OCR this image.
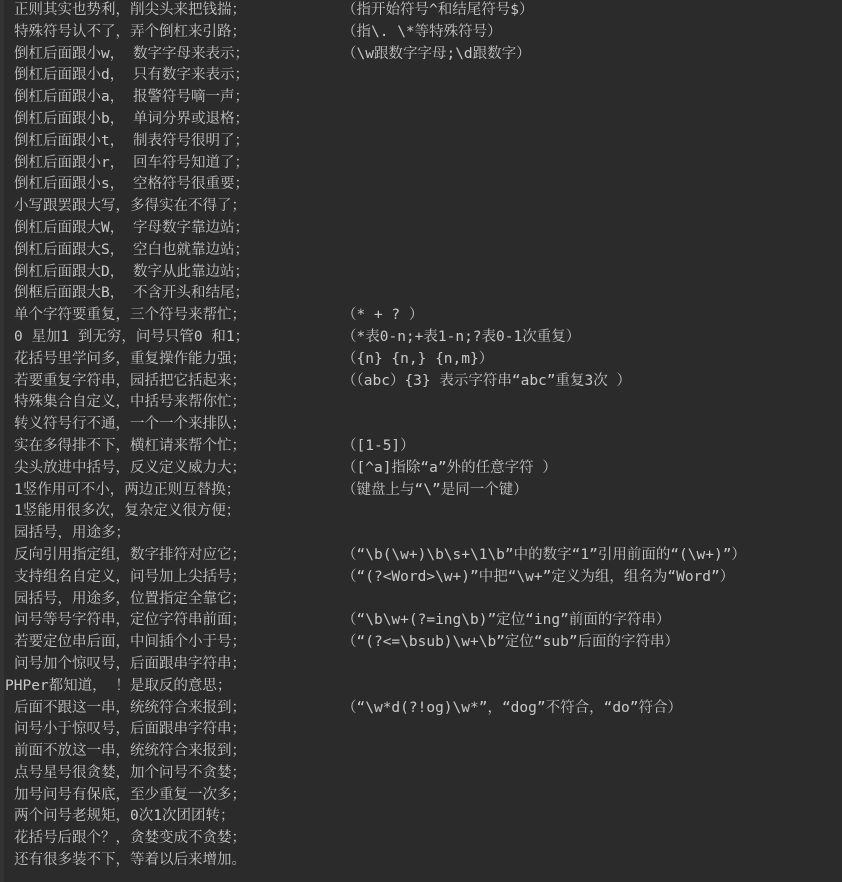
正则其实也势利，削尖头来把钱揣；	（指开始符号^和结尾符号$）
特殊符号认不了，弄个倒杠来引路；	（指\. \*等特殊符号）
倒杠后面跟小w， 数字字母来表示；	（\w跟数字字母;\d跟数字）
倒杠后面跟小d， 只有数字来表示；
倒杠后面跟小a， 报警符号嘀一声；
倒杠后面跟小b， 单词分界或退格；
倒杠后面跟小t， 制表符号很明了；
倒杠后面跟小r， 回车符号知道了；
倒杠后面跟小s， 空格符号很重要；
小写跟罢跟大写，多得实在不得了；
倒杠后面跟大W， 字母数字靠边站；
倒杠后面跟大S， 空白也就靠边站；
倒杠后面跟大D， 数字从此靠边站；
倒框后面跟大B， 不含开头和结尾；
单个字符要重复，三个符号来帮忙；	（* + ? ）
0 星加1 到无穷，问号只管0 和1；	（*表0-n;+表1-n;?表0-1次重复）
花括号里学问多，重复操作能力强；	（{n} {n,} {n,m}）
若要重复字符串，园括把它括起来；	（（abc）{3} 表示字符串“abc”重复3次 ）
特殊集合自定义，中括号来帮你忙；
转义符号行不通，一个一个来排队；
实在多得排不下，横杠请来帮个忙；	（[1-5]）
尖头放进中括号，反义定义威力大；	（[^a]指除“a”外的任意字符 ）
1竖作用可不小，两边正则互替换；	（键盘上与“\”是同一个键）
1竖能用很多次，复杂定义很方便；
园括号，用途多；
反向引用指定组，数字排符对应它；	（“\b(\w+)\b\s+\1\b”中的数字“1”引用前面的“(\w+)”）
支持组名自定义，问号加上尖括号；	（“(?<Word>\w+)”中把“\w+”定义为组，组名为“Word”）
园括号，用途多，位置指定全靠它；
问号等号字符串，定位字符串前面；	（“\b\w+(?=ing\b)”定位“ing”前面的字符串）
若要定位串后面，中间插个小于号；	（“(?<=\bsub)\w+\b”定位“sub”后面的字符串）
问号加个惊叹号，后面跟串字符串；
PHPer都知道， ！是取反的意思；
后面不跟这一串，统统符合来报到；	（“\w*d(?!og)\w*”，“dog”不符合，“do”符合）
问号小于惊叹号，后面跟串字符串；
前面不放这一串，统统符合来报到；
点号星号很贪婪，加个问号不贪婪；
加号问号有保底，至少重复一次多；
两个问号老规矩，0次1次团团转；
花括号后跟个？，贪婪变成不贪婪；
还有很多装不下，等着以后来增加。
